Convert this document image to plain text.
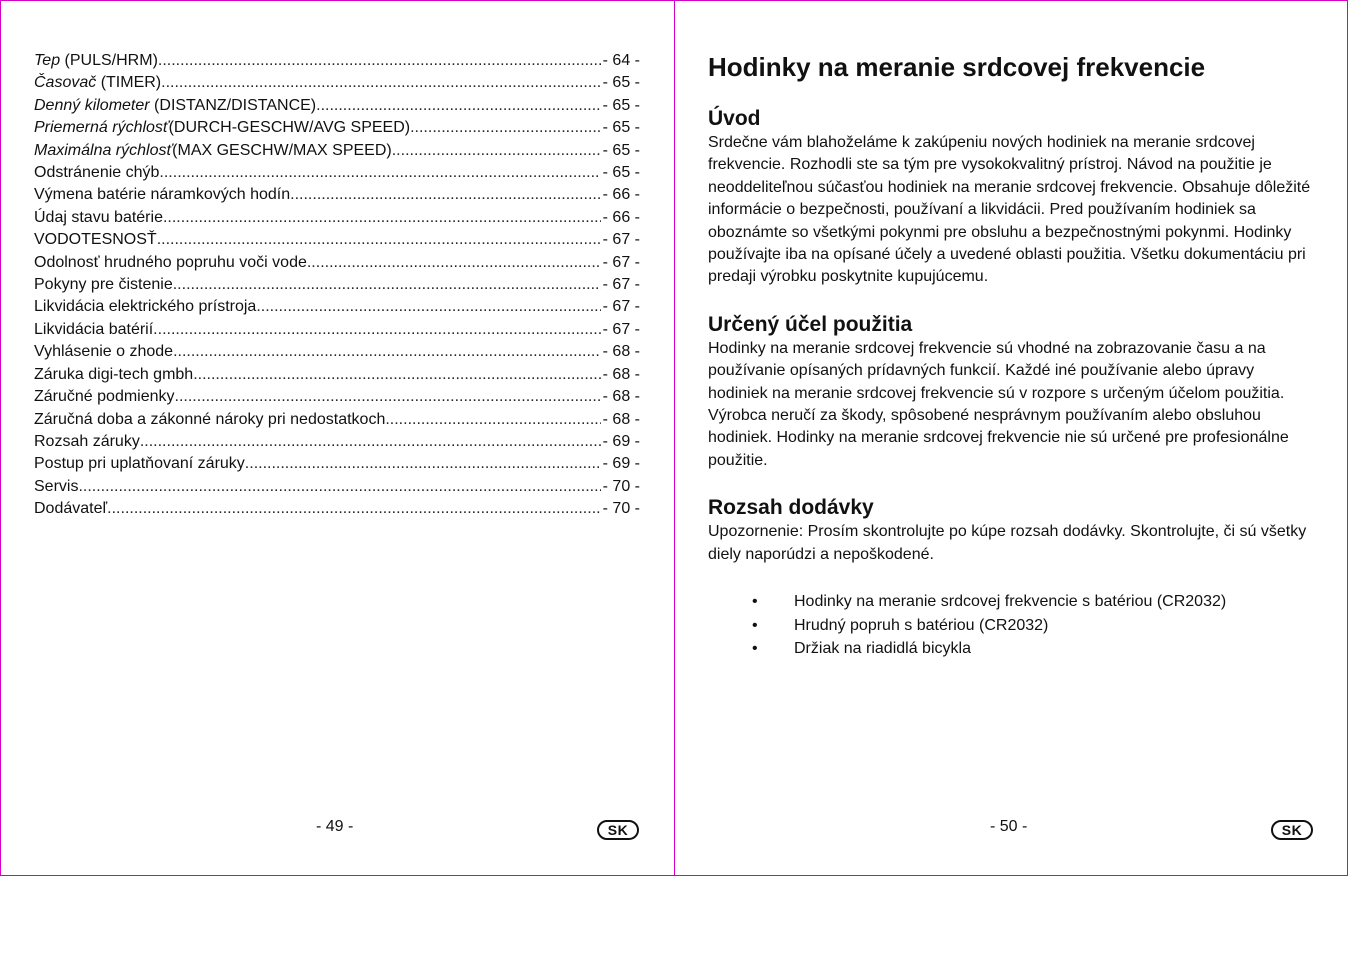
Tep (PULS/HRM) .....	- 64 -
Časovač (TIMER) .....	- 65 -
Denný kilometer (DISTANZ/DISTANCE) .....	- 65 -
Priemerná rýchlosť(DURCH-GESCHW/AVG SPEED) .....	- 65 -
Maximálna rýchlosť(MAX GESCHW/MAX SPEED) .....	- 65 -
Odstránenie chýb .....	- 65 -
Výmena batérie náramkových hodín .....	- 66 -
Údaj stavu batérie .....	- 66 -
VODOTESNOSŤ .....	- 67 -
Odolnosť hrudného popruhu voči vode .....	- 67 -
Pokyny pre čistenie .....	- 67 -
Likvidácia elektrického prístroja .....	- 67 -
Likvidácia batérií .....	- 67 -
Vyhlásenie o zhode .....	- 68 -
Záruka digi-tech gmbh .....	- 68 -
Záručné podmienky .....	- 68 -
Záručná doba a zákonné nároky pri nedostatkoch .....	- 68 -
Rozsah záruky .....	- 69 -
Postup pri uplatňovaní záruky .....	- 69 -
Servis .....	- 70 -
Dodávateľ .....	- 70 -
- 49 -	SK
Hodinky na meranie srdcovej frekvencie
Úvod

Srdečne vám blahoželáme k zakúpeniu nových hodiniek na meranie srdcovej frekvencie. Rozhodli ste sa tým pre vysokokvalitný prístroj. Návod na použitie je neoddeliteľnou súčasťou hodiniek na meranie srdcovej frekvencie. Obsahuje dôležité informácie o bezpečnosti, používaní a likvidácii. Pred používaním hodiniek sa oboznámte so všetkými pokynmi pre obsluhu a bezpečnostnými pokynmi. Hodinky používajte iba na opísané účely a uvedené oblasti použitia. Všetku dokumentáciu pri predaji výrobku poskytnite kupujúcemu.

Určený účel použitia

Hodinky na meranie srdcovej frekvencie sú vhodné na zobrazovanie času a na používanie opísaných prídavných funkcií. Každé iné používanie alebo úpravy hodiniek na meranie srdcovej frekvencie sú v rozpore s určeným účelom použitia. Výrobca neručí za škody, spôsobené nesprávnym používaním alebo obsluhou hodiniek. Hodinky na meranie srdcovej frekvencie nie sú určené pre profesionálne použitie.

Rozsah dodávky

Upozornenie: Prosím skontrolujte po kúpe rozsah dodávky. Skontrolujte, či sú všetky diely naporúdzi a nepoškodené.

• Hodinky na meranie srdcovej frekvencie s batériou (CR2032)
• Hrudný popruh s batériou (CR2032)
• Držiak na riadidlá bicykla
- 50 -	SK
